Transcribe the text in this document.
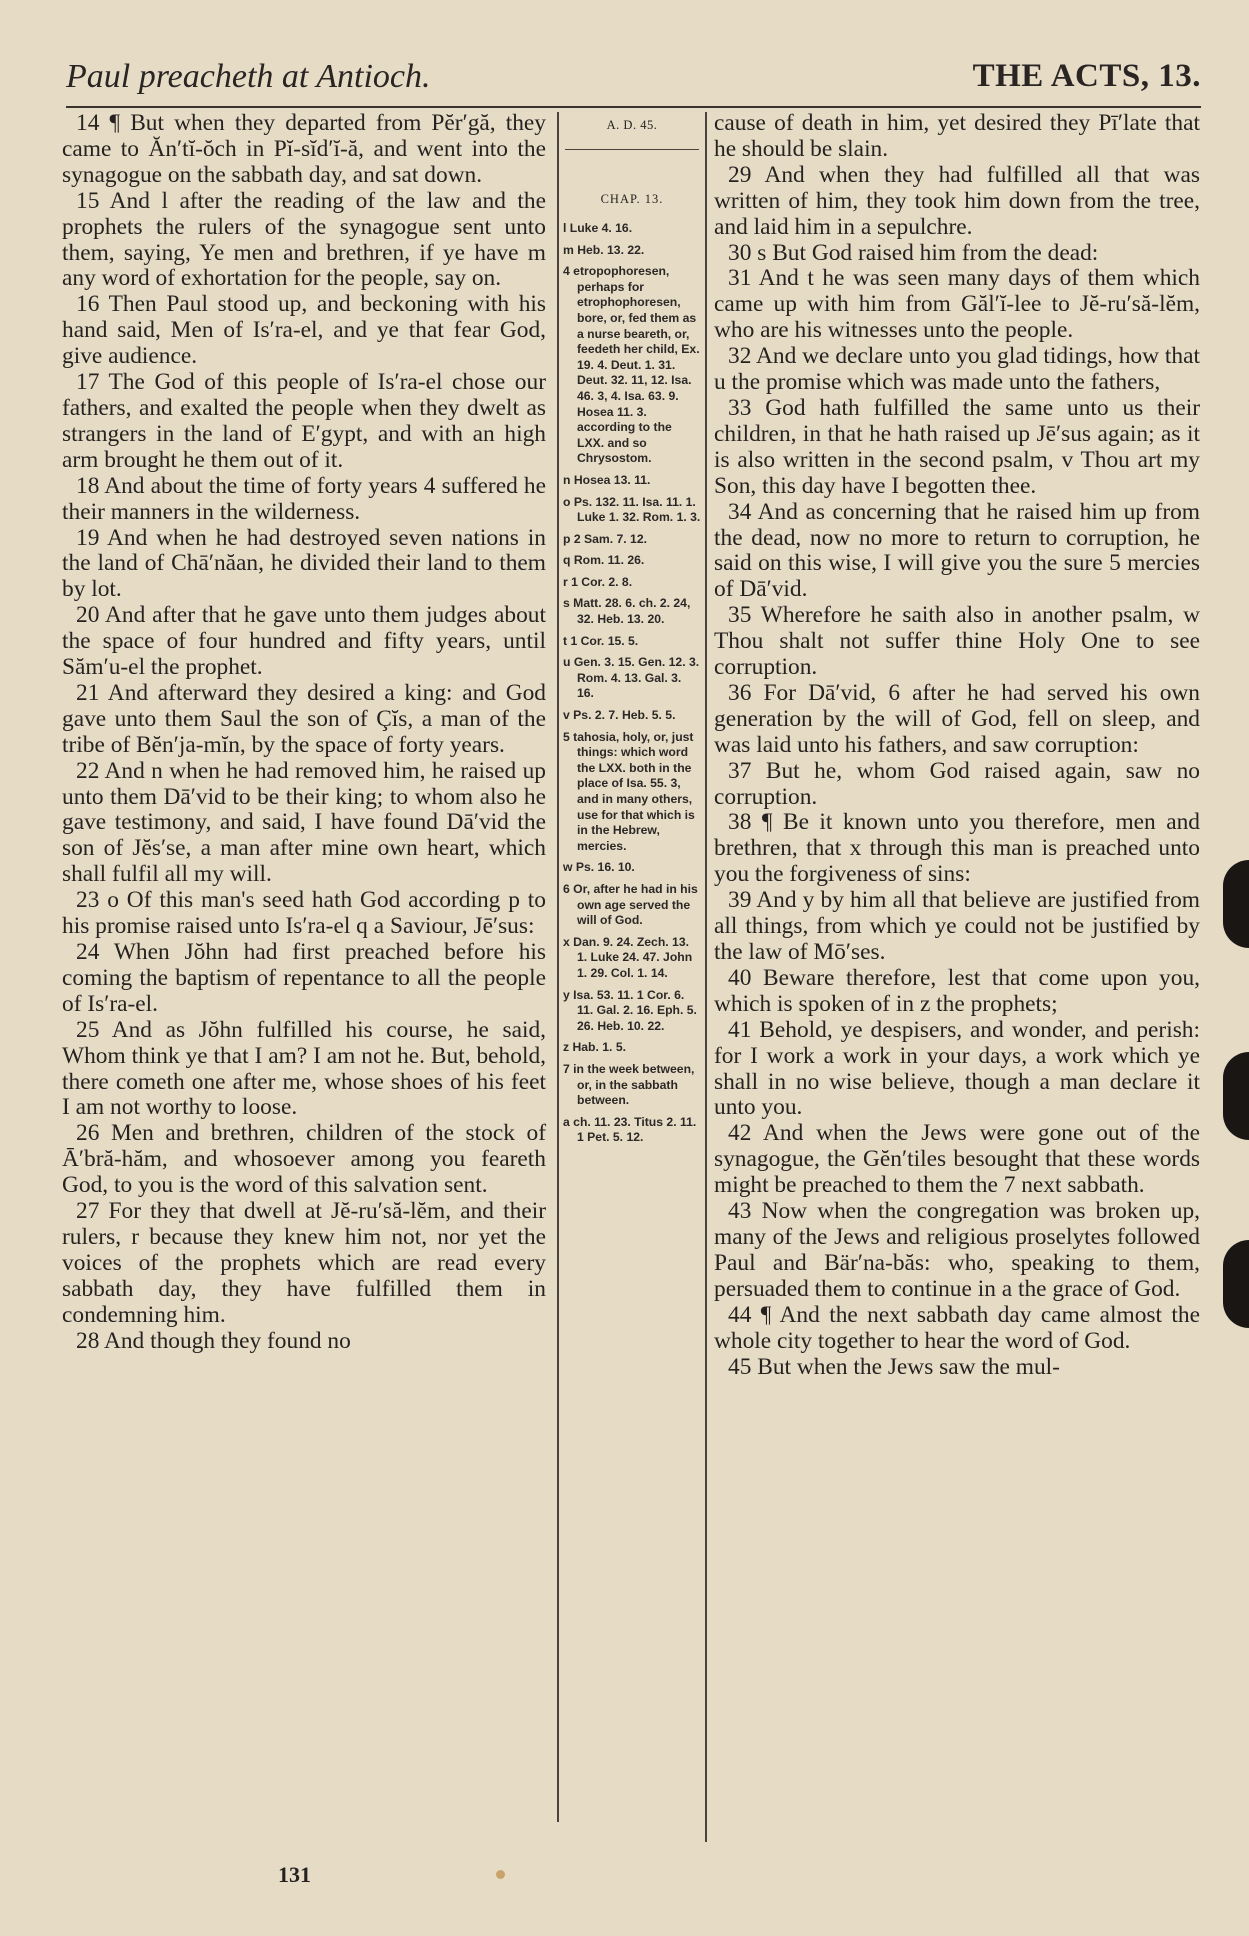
Paul preacheth at Antioch.	THE ACTS, 13.

14 ¶ But when they departed from Pĕr′gă, they came to Ăn′tĭ-ŏch in Pĭ-sĭd′ĭ-ă, and went into the synagogue on the sabbath day, and sat down.

15 And l after the reading of the law and the prophets the rulers of the synagogue sent unto them, saying, Ye men and brethren, if ye have m any word of exhortation for the people, say on.

16 Then Paul stood up, and beckoning with his hand said, Men of Is′ra-el, and ye that fear God, give audience.

17 The God of this people of Is′ra-el chose our fathers, and exalted the people when they dwelt as strangers in the land of E′gypt, and with an high arm brought he them out of it.

18 And about the time of forty years 4 suffered he their manners in the wilderness.

19 And when he had destroyed seven nations in the land of Chā′năan, he divided their land to them by lot.

20 And after that he gave unto them judges about the space of four hundred and fifty years, until Săm′u-el the prophet.

21 And afterward they desired a king: and God gave unto them Saul the son of Çĭs, a man of the tribe of Bĕn′ja-mĭn, by the space of forty years.

22 And n when he had removed him, he raised up unto them Dā′vid to be their king; to whom also he gave testimony, and said, I have found Dā′vid the son of Jĕs′se, a man after mine own heart, which shall fulfil all my will.

23 o Of this man's seed hath God according p to his promise raised unto Is′ra-el q a Saviour, Jē′sus:

24 When Jŏhn had first preached before his coming the baptism of repentance to all the people of Is′ra-el.

25 And as Jŏhn fulfilled his course, he said, Whom think ye that I am? I am not he. But, behold, there cometh one after me, whose shoes of his feet I am not worthy to loose.

26 Men and brethren, children of the stock of Ā′bră-hăm, and whosoever among you feareth God, to you is the word of this salvation sent.

27 For they that dwell at Jĕ-ru′să-lĕm, and their rulers, r because they knew him not, nor yet the voices of the prophets which are read every sabbath day, they have fulfilled them in condemning him.

28 And though they found no

A. D. 45.
CHAP. 13.
l Luke 4. 16.
m Heb. 13. 22.
4 etropophoresen, perhaps for etrophophoresen, bore, or, fed them as a nurse beareth, or, feedeth her child, Ex. 19. 4. Deut. 1. 31. Deut. 32. 11, 12. Isa. 46. 3, 4. Isa. 63. 9. Hosea 11. 3. according to the LXX. and so Chrysostom.
n Hosea 13. 11.
o Ps. 132. 11. Isa. 11. 1. Luke 1. 32. Rom. 1. 3.
p 2 Sam. 7. 12.
q Rom. 11. 26.
r 1 Cor. 2. 8.
s Matt. 28. 6. ch. 2. 24, 32. Heb. 13. 20.
t 1 Cor. 15. 5.
u Gen. 3. 15. Gen. 12. 3. Rom. 4. 13. Gal. 3. 16.
v Ps. 2. 7. Heb. 5. 5.
5 tahosia, holy, or, just things: which word the LXX. both in the place of Isa. 55. 3, and in many others, use for that which is in the Hebrew, mercies.
w Ps. 16. 10.
6 Or, after he had in his own age served the will of God.
x Dan. 9. 24. Zech. 13. 1. Luke 24. 47. John 1. 29. Col. 1. 14.
y Isa. 53. 11. 1 Cor. 6. 11. Gal. 2. 16. Eph. 5. 26. Heb. 10. 22.
z Hab. 1. 5.
7 in the week between, or, in the sabbath between.
a ch. 11. 23. Titus 2. 11. 1 Pet. 5. 12.

cause of death in him, yet desired they Pī′late that he should be slain.

29 And when they had fulfilled all that was written of him, they took him down from the tree, and laid him in a sepulchre.

30 s But God raised him from the dead:

31 And t he was seen many days of them which came up with him from Găl′ĭ-lee to Jĕ-ru′să-lĕm, who are his witnesses unto the people.

32 And we declare unto you glad tidings, how that u the promise which was made unto the fathers,

33 God hath fulfilled the same unto us their children, in that he hath raised up Jē′sus again; as it is also written in the second psalm, v Thou art my Son, this day have I begotten thee.

34 And as concerning that he raised him up from the dead, now no more to return to corruption, he said on this wise, I will give you the sure 5 mercies of Dā′vid.

35 Wherefore he saith also in another psalm, w Thou shalt not suffer thine Holy One to see corruption.

36 For Dā′vid, 6 after he had served his own generation by the will of God, fell on sleep, and was laid unto his fathers, and saw corruption:

37 But he, whom God raised again, saw no corruption.

38 ¶ Be it known unto you therefore, men and brethren, that x through this man is preached unto you the forgiveness of sins:

39 And y by him all that believe are justified from all things, from which ye could not be justified by the law of Mō′ses.

40 Beware therefore, lest that come upon you, which is spoken of in z the prophets;

41 Behold, ye despisers, and wonder, and perish: for I work a work in your days, a work which ye shall in no wise believe, though a man declare it unto you.

42 And when the Jews were gone out of the synagogue, the Gĕn′tiles besought that these words might be preached to them the 7 next sabbath.

43 Now when the congregation was broken up, many of the Jews and religious proselytes followed Paul and Bär′na-băs: who, speaking to them, persuaded them to continue in a the grace of God.

44 ¶ And the next sabbath day came almost the whole city together to hear the word of God.

45 But when the Jews saw the mul-

131
